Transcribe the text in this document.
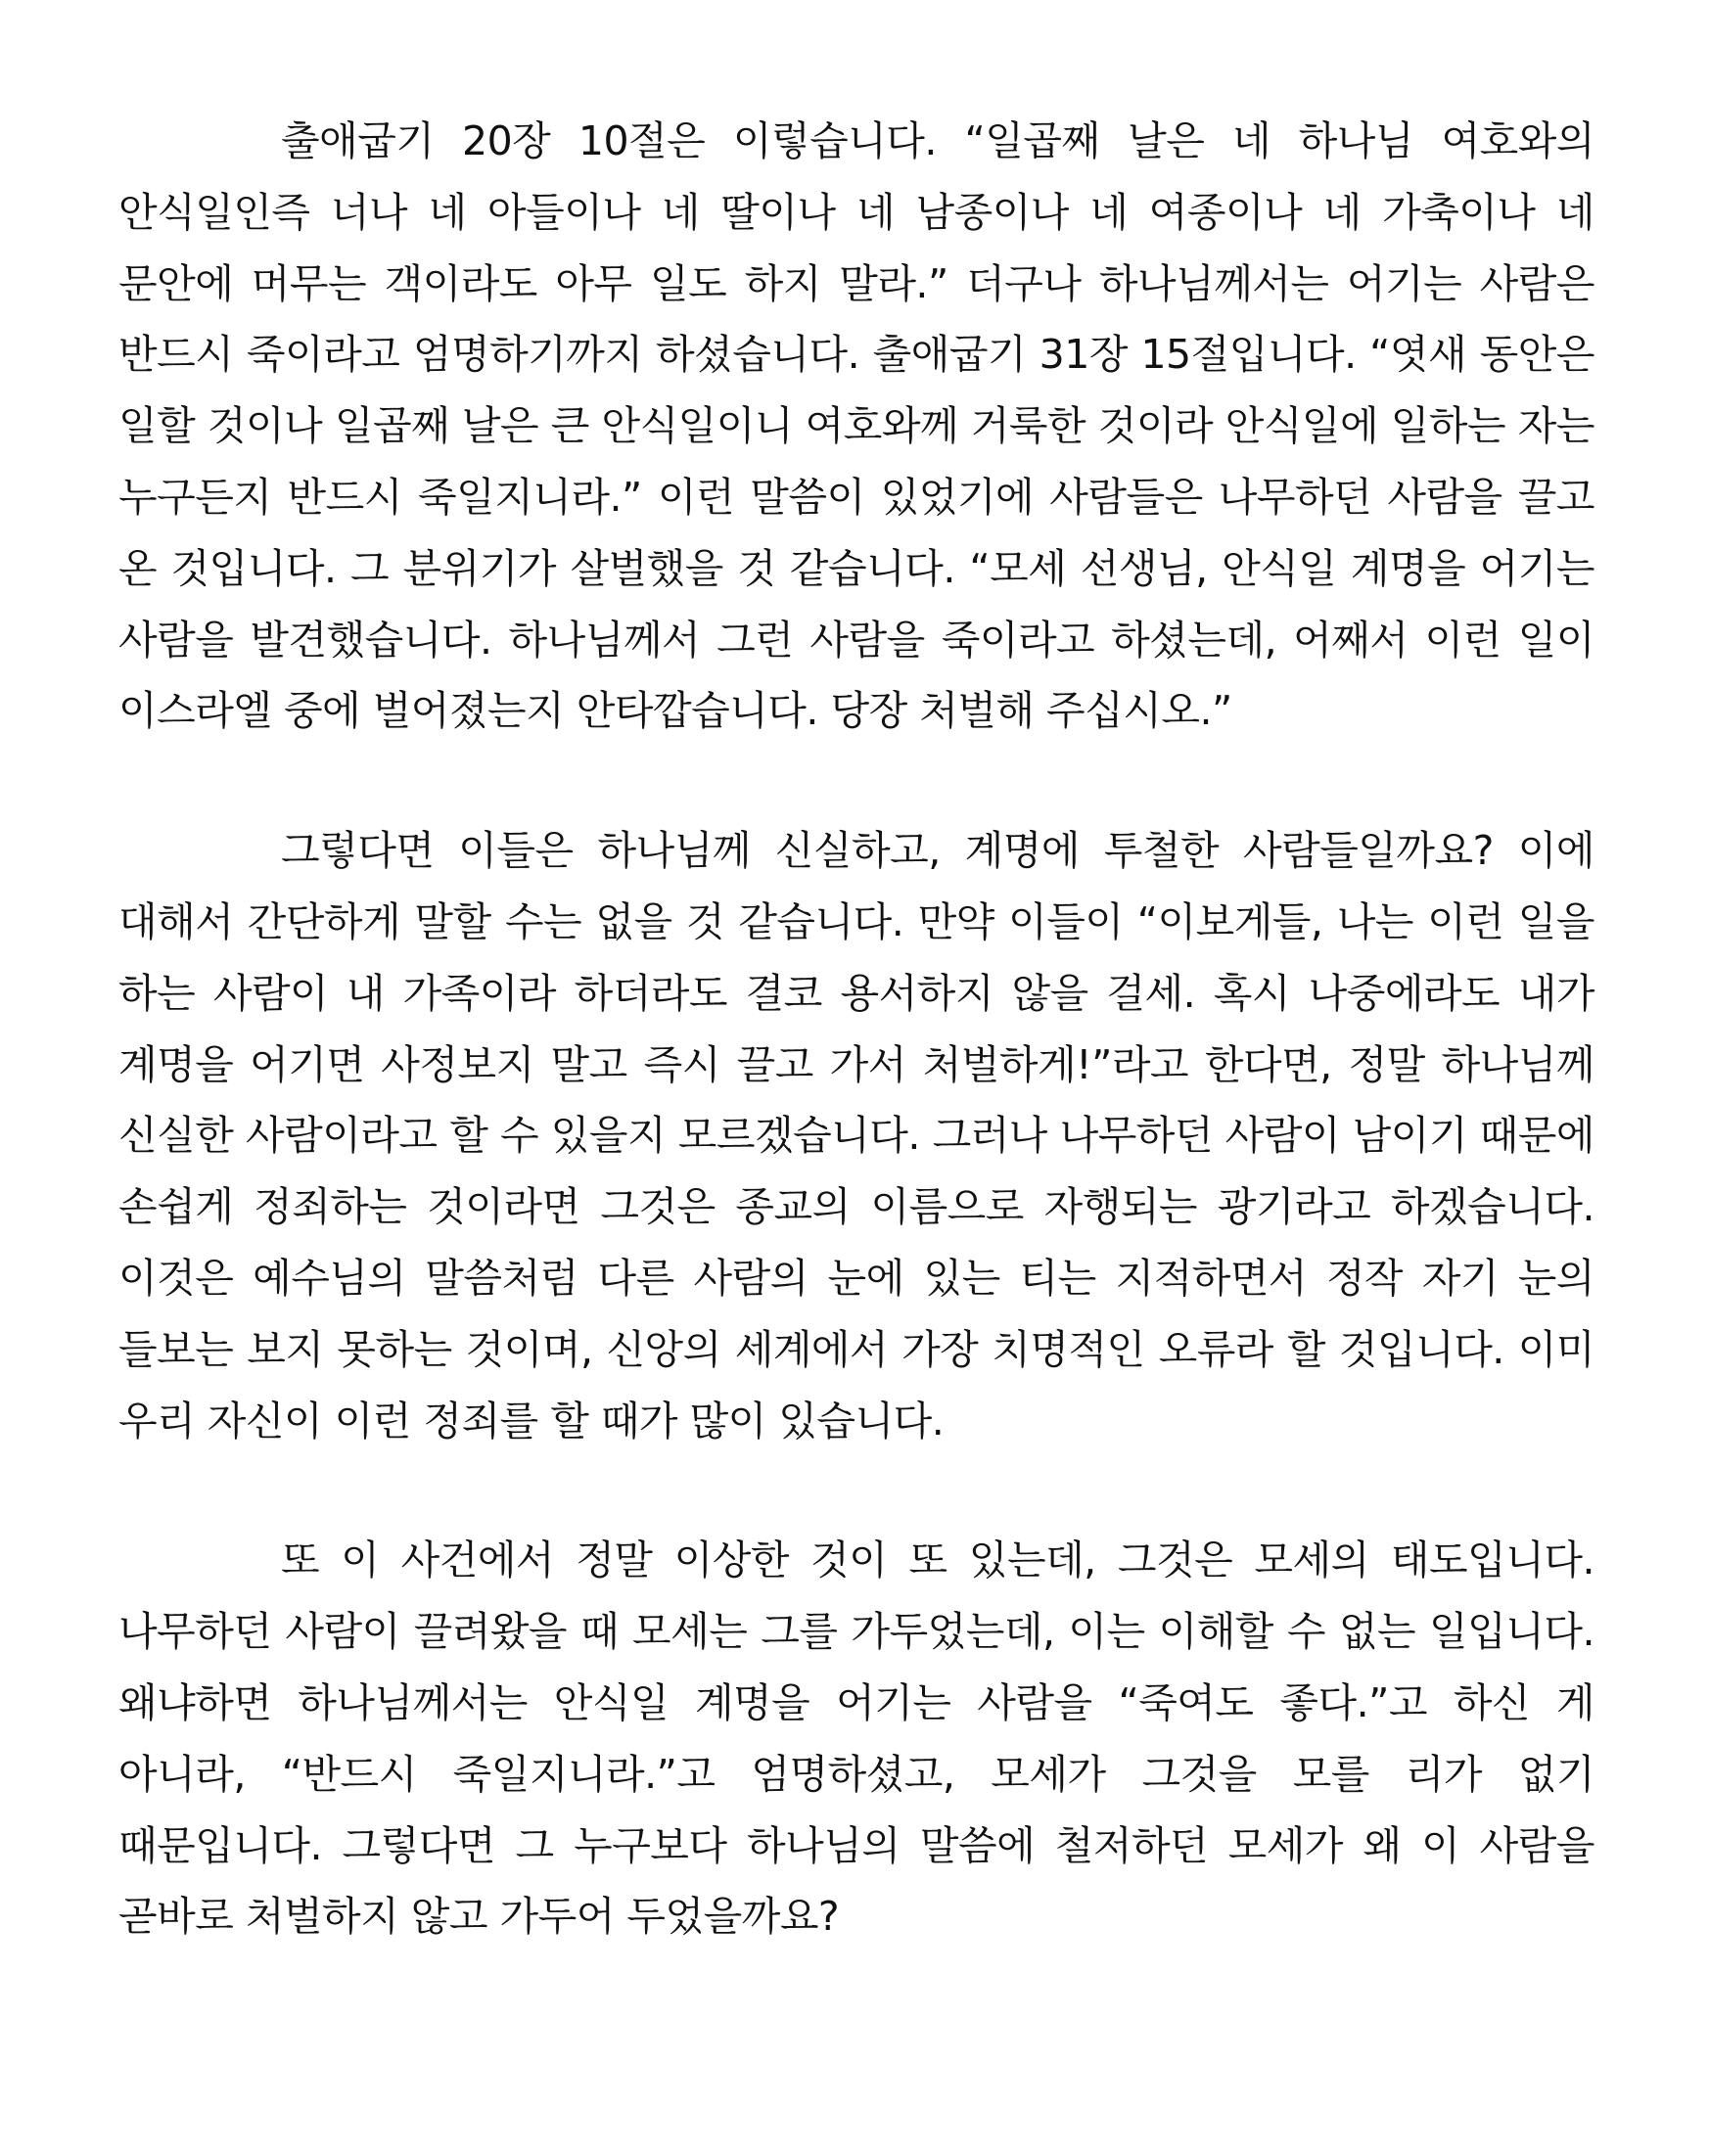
출애굽기 20장 10절은 이렇습니다. “일곱째 날은 네 하나님 여호와의 안식일인즉 너나 네 아들이나 네 딸이나 네 남종이나 네 여종이나 네 가축이나 네 문안에 머무는 객이라도 아무 일도 하지 말라.” 더구나 하나님께서는 어기는 사람은 반드시 죽이라고 엄명하기까지 하셨습니다. 출애굽기 31장 15절입니다. “엿새 동안은 일할 것이나 일곱째 날은 큰 안식일이니 여호와께 거룩한 것이라 안식일에 일하는 자는 누구든지 반드시 죽일지니라.” 이런 말씀이 있었기에 사람들은 나무하던 사람을 끌고 온 것입니다. 그 분위기가 살벌했을 것 같습니다. “모세 선생님, 안식일 계명을 어기는 사람을 발견했습니다. 하나님께서 그런 사람을 죽이라고 하셨는데, 어째서 이런 일이 이스라엘 중에 벌어졌는지 안타깝습니다. 당장 처벌해 주십시오.”

그렇다면 이들은 하나님께 신실하고, 계명에 투철한 사람들일까요? 이에 대해서 간단하게 말할 수는 없을 것 같습니다. 만약 이들이 “이보게들, 나는 이런 일을 하는 사람이 내 가족이라 하더라도 결코 용서하지 않을 걸세. 혹시 나중에라도 내가 계명을 어기면 사정보지 말고 즉시 끌고 가서 처벌하게!”라고 한다면, 정말 하나님께 신실한 사람이라고 할 수 있을지 모르겠습니다. 그러나 나무하던 사람이 남이기 때문에 손쉽게 정죄하는 것이라면 그것은 종교의 이름으로 자행되는 광기라고 하겠습니다. 이것은 예수님의 말씀처럼 다른 사람의 눈에 있는 티는 지적하면서 정작 자기 눈의 들보는 보지 못하는 것이며, 신앙의 세계에서 가장 치명적인 오류라 할 것입니다. 이미 우리 자신이 이런 정죄를 할 때가 많이 있습니다.

또 이 사건에서 정말 이상한 것이 또 있는데, 그것은 모세의 태도입니다. 나무하던 사람이 끌려왔을 때 모세는 그를 가두었는데, 이는 이해할 수 없는 일입니다. 왜냐하면 하나님께서는 안식일 계명을 어기는 사람을 “죽여도 좋다.”고 하신 게 아니라, “반드시 죽일지니라.”고 엄명하셨고, 모세가 그것을 모를 리가 없기 때문입니다. 그렇다면 그 누구보다 하나님의 말씀에 철저하던 모세가 왜 이 사람을 곧바로 처벌하지 않고 가두어 두었을까요?
